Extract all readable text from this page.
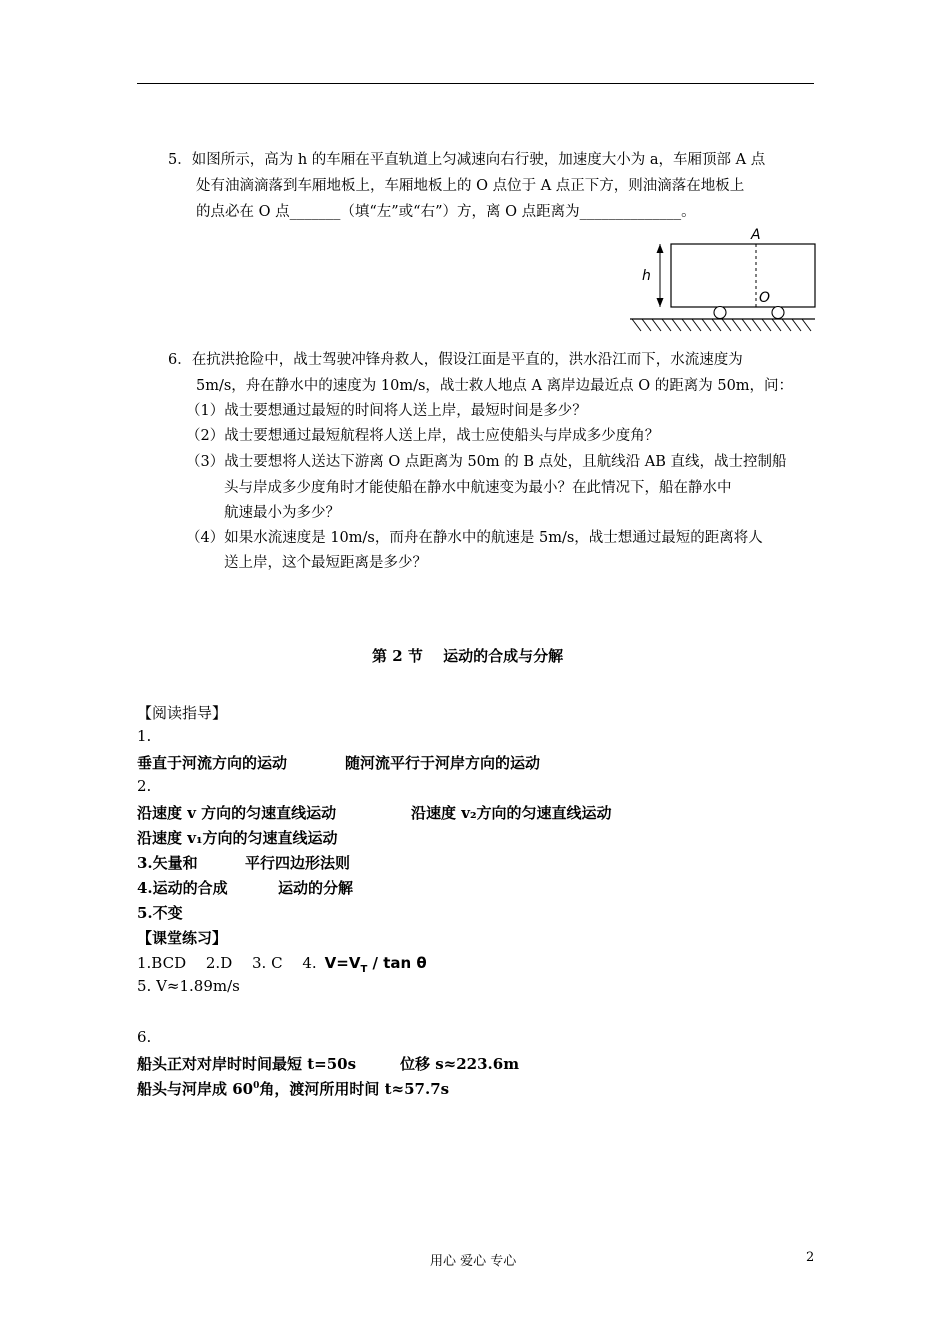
5．如图所示，高为 h 的车厢在平直轨道上匀减速向右行驶，加速度大小为 a，车厢顶部 A 点
处有油滴滴落到车厢地板上，车厢地板上的 O 点位于 A 点正下方，则油滴落在地板上
的点必在 O 点_______（填“左”或“右”）方，离 O 点距离为______________。
A
O
h
6．在抗洪抢险中，战士驾驶冲锋舟救人，假设江面是平直的，洪水沿江而下，水流速度为
5m/s，舟在静水中的速度为 10m/s，战士救人地点 A 离岸边最近点 O 的距离为 50m，问：
（1）战士要想通过最短的时间将人送上岸，最短时间是多少？
（2）战士要想通过最短航程将人送上岸，战士应使船头与岸成多少度角？
（3）战士要想将人送达下游离 O 点距离为 50m 的 B 点处，且航线沿 AB 直线，战士控制船
头与岸成多少度角时才能使船在静水中航速变为最小？在此情况下，船在静水中
航速最小为多少？
（4）如果水流速度是 10m/s，而舟在静水中的航速是 5m/s，战士想通过最短的距离将人
送上岸，这个最短距离是多少？
第 2 节　 运动的合成与分解
【阅读指导】
1.
垂直于河流方向的运动	随河流平行于河岸方向的运动
2.
沿速度 v 方向的匀速直线运动	沿速度 v₂方向的匀速直线运动
沿速度 v₁方向的匀速直线运动
3.矢量和	平行四边形法则
4.运动的合成	运动的分解
5.不变
【课堂练习】
1.BCD　 2.D　 3. C　 4. $V=V_T / \tan \theta$
5. V≈1.89m/s
6.
船头正对对岸时时间最短 t=50s	位移 s≈223.6m
船头与河岸成 $60^0$角，渡河所用时间 t≈57.7s
用心 爱心 专心	2
